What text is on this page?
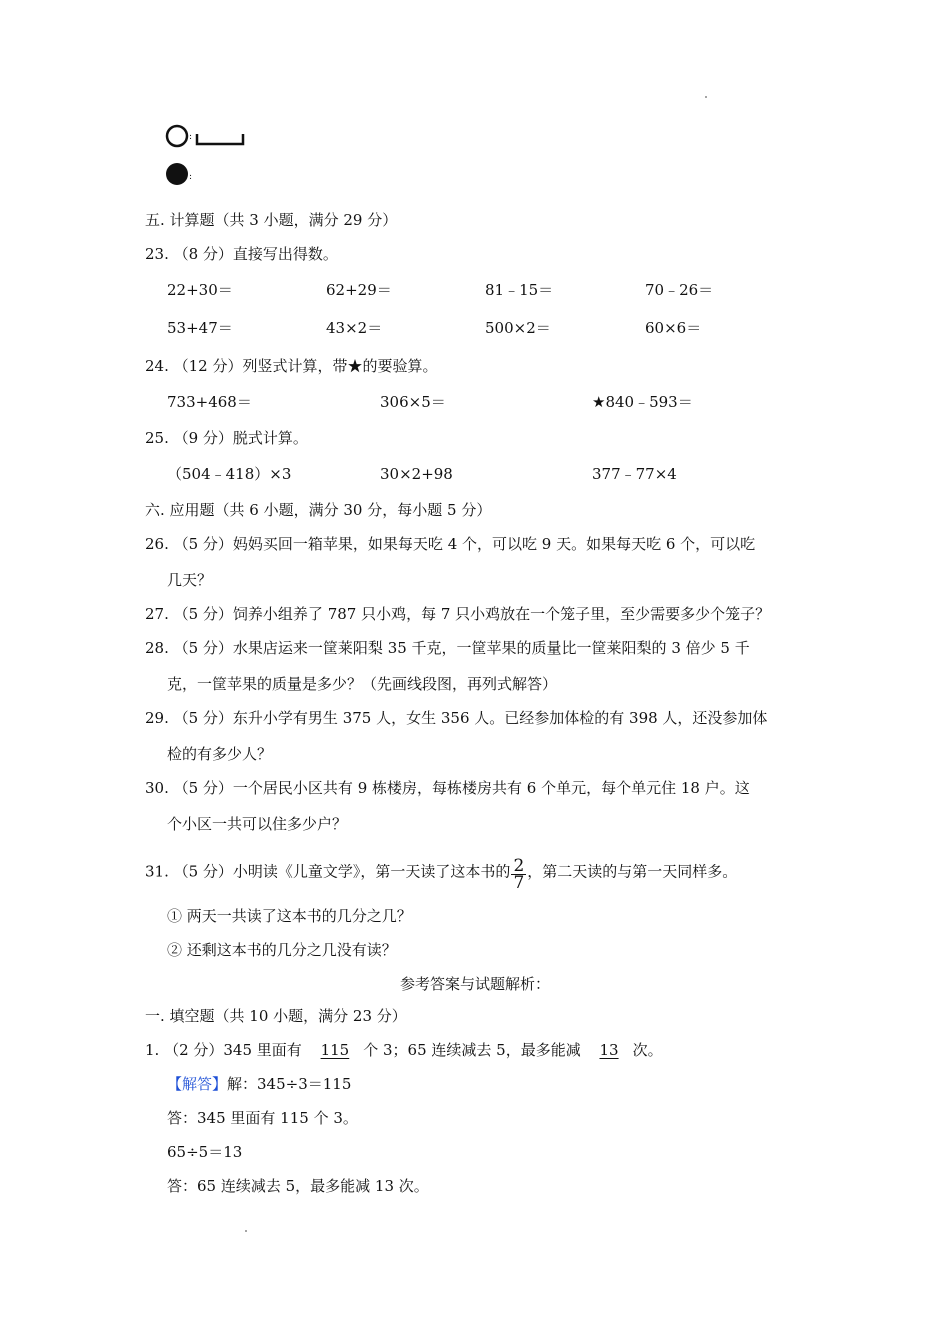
:
:
五. 计算题（共 3 小题，满分 29 分）
23. （8 分）直接写出得数。
22+30＝	62+29＝	81﹣15＝	70﹣26＝
53+47＝	43×2＝	500×2＝	60×6＝
24. （12 分）列竖式计算，带★的要验算。
733+468＝	306×5＝	★840﹣593＝
25. （9 分）脱式计算。
（504﹣418）×3	30×2+98	377﹣77×4
六. 应用题（共 6 小题，满分 30 分，每小题 5 分）
26. （5 分）妈妈买回一箱苹果，如果每天吃 4 个，可以吃 9 天。如果每天吃 6 个，可以吃
几天？
27. （5 分）饲养小组养了 787 只小鸡，每 7 只小鸡放在一个笼子里，至少需要多少个笼子？
28. （5 分）水果店运来一筐莱阳梨 35 千克，一筐苹果的质量比一筐莱阳梨的 3 倍少 5 千
克，一筐苹果的质量是多少？（先画线段图，再列式解答）
29. （5 分）东升小学有男生 375 人，女生 356 人。已经参加体检的有 398 人，还没参加体
检的有多少人？
30. （5 分）一个居民小区共有 9 栋楼房，每栋楼房共有 6 个单元，每个单元住 18 户。这
个小区一共可以住多少户？
31. （5 分）小明读《儿童文学》，第一天读了这本书的 $\frac{2}{7}$ ，第二天读的与第一天同样多。
① 两天一共读了这本书的几分之几？
② 还剩这本书的几分之几没有读？
参考答案与试题解析：
一. 填空题（共 10 小题，满分 23 分）
1. （2 分）345 里面有 115 个 3；65 连续减去 5，最多能减 13 次。
【解答】解：345÷3＝115
答：345 里面有 115 个 3。
65÷5＝13
答：65 连续减去 5，最多能减 13 次。
